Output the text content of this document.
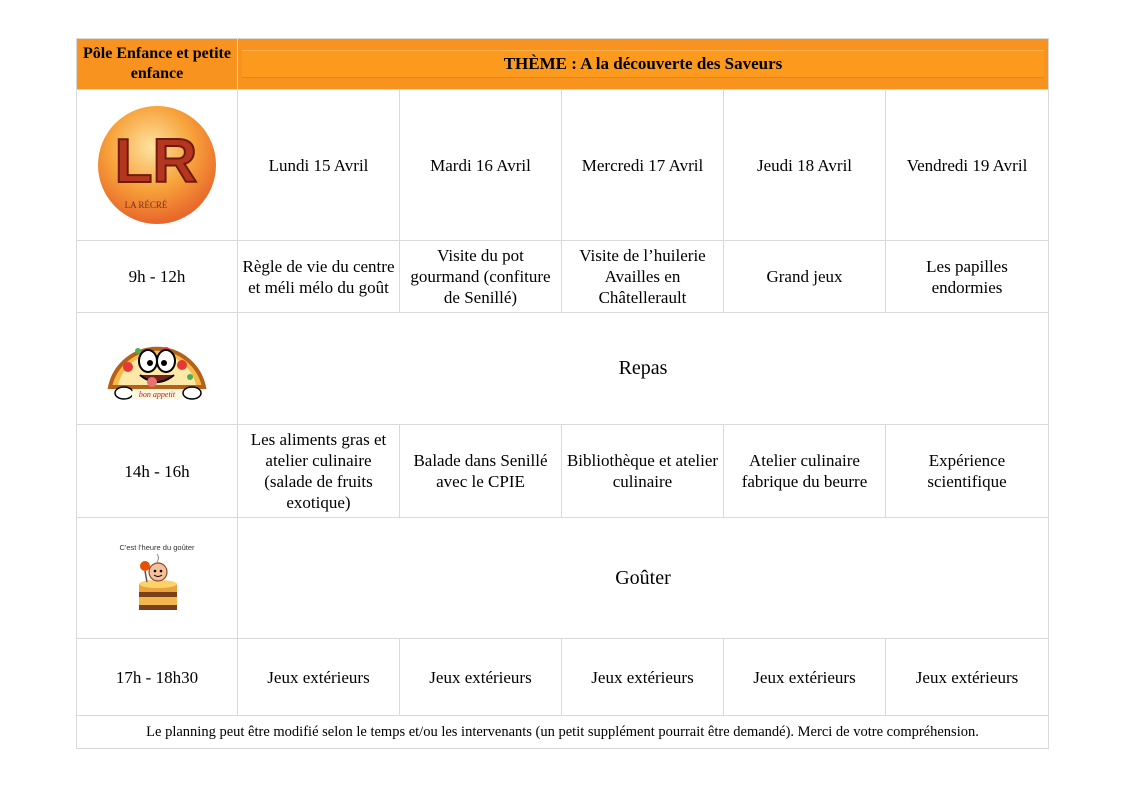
Pôle Enfance et petite enfance	THÈME : A la découverte des Saveurs				

LR
LA RÉCRÉ	Lundi 15 Avril	Mardi 16 Avril	Mercredi 17 Avril	Jeudi 18 Avril	Vendredi 19 Avril
9h - 12h	Règle de vie du centre et méli mélo du goût	Visite du pot gourmand (confiture de Senillé)	Visite de l’huilerie Availles en Châtellerault	Grand jeux	Les papilles endormies

bon appetit	Repas				
14h - 16h	Les aliments gras et atelier culinaire (salade de fruits exotique)	Balade dans Senillé avec le CPIE	Bibliothèque et atelier culinaire	Atelier culinaire fabrique du beurre	Expérience scientifique

C'est l'heure du goûter	Goûter				
17h - 18h30	Jeux extérieurs	Jeux extérieurs	Jeux extérieurs	Jeux extérieurs	Jeux extérieurs
Le planning peut être modifié selon le temps et/ou les intervenants (un petit supplément pourrait être demandé). Merci de votre compréhension.					
